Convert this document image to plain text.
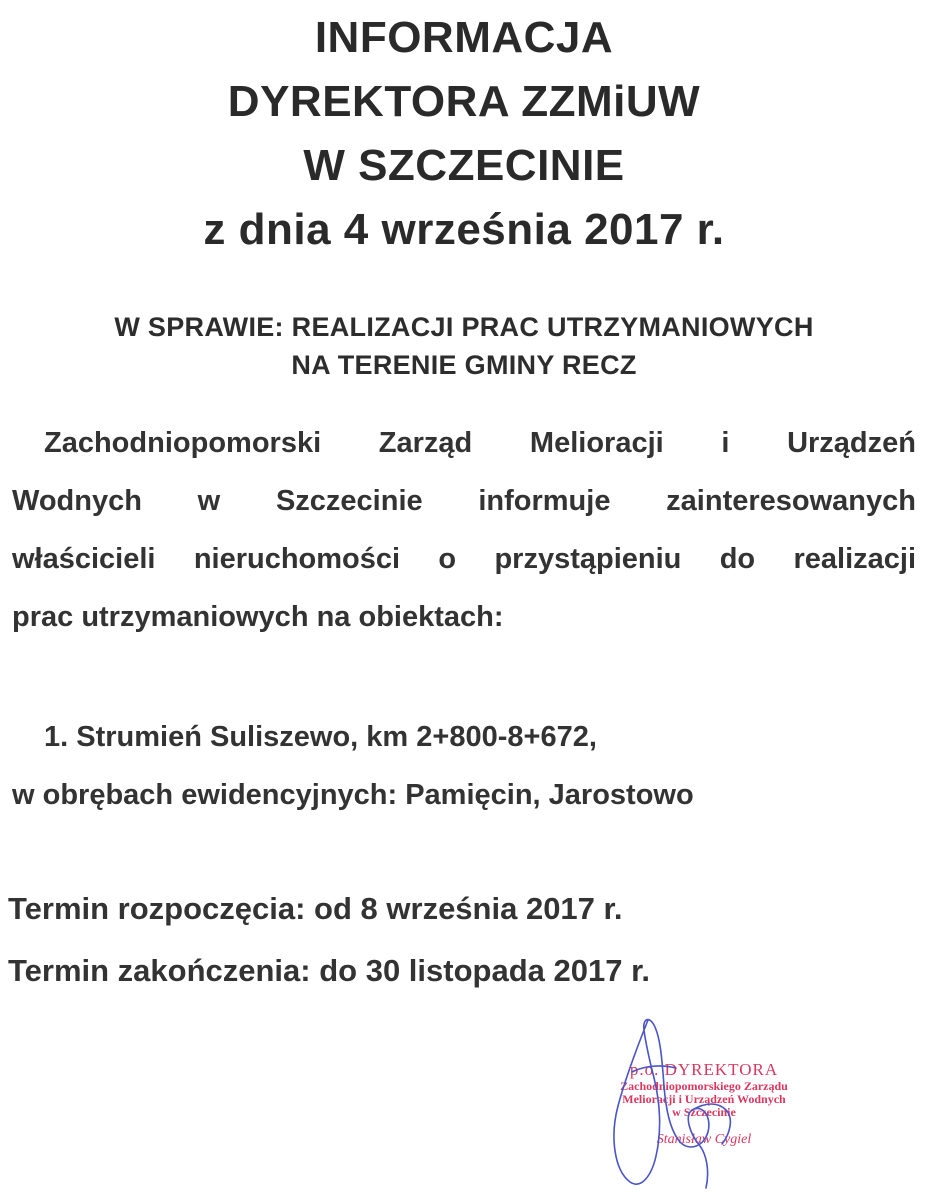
INFORMACJA
DYREKTORA ZZMiUW
W SZCZECINIE
z dnia 4 września 2017 r.
W SPRAWIE: REALIZACJI PRAC UTRZYMANIOWYCH
NA TERENIE GMINY RECZ
Zachodniopomorski Zarząd Melioracji i Urządzeń
Wodnych w Szczecinie informuje zainteresowanych
właścicieli nieruchomości o przystąpieniu do realizacji
prac utrzymaniowych na obiektach:
1. Strumień Suliszewo, km 2+800-8+672,
w obrębach ewidencyjnych: Pamięcin, Jarostowo
Termin rozpoczęcia: od 8 września 2017 r.
Termin zakończenia: do 30 listopada 2017 r.
p.o. DYREKTORA
Zachodniopomorskiego Zarządu
Melioracji i Urządzeń Wodnych
w Szczecinie
Stanisław Cygiel
